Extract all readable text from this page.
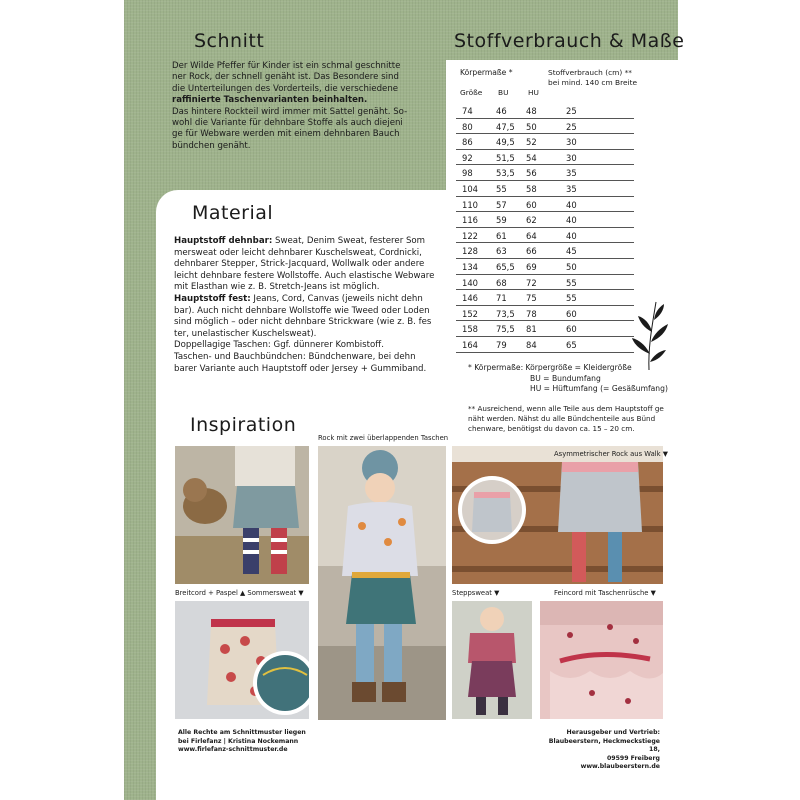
Schnitt	Stoffverbrauch & Maße
Material
Inspiration

Der Wilde Pfeffer für Kinder ist ein schmal geschnitte

ner Rock, der schnell genäht ist. Das Besondere sind

die Unterteilungen des Vorderteils, die verschiedene

raffinierte Taschenvarianten beinhalten.

Das hintere Rockteil wird immer mit Sattel genäht. So-

wohl die Variante für dehnbare Stoffe als auch diejeni

ge für Webware werden mit einem dehnbaren Bauch

bündchen genäht.

Körpermaße *	Stoffverbrauch (cm) ** bei mind. 140 cm Breite
Größe BU	HU
74	46 48	25
80	47,5 50	25
86	49,5 52	30
92	51,5 54	30
98	53,5 56	35
104 55 58	35
110 57 60	40
116 59 62	40
122 61 64	40
128 63 66	45
134 65,5 69	50
140 68 72	55
146 71 75	55
152 73,5 78	60
158 75,5 81	60
164 79 84	65
* Körpermaße: Körpergröße = Kleidergröße
BU = Bundumfang
HU = Hüftumfang (= Gesäßumfang)
** Ausreichend, wenn alle Teile aus dem Hauptstoff ge
näht werden. Nähst du alle Bündchenteile aus Bünd
chenware, benötigst du davon ca. 15 – 20 cm.

Hauptstoff dehnbar: Sweat, Denim Sweat, festerer Som

mersweat oder leicht dehnbarer Kuschelsweat, Cordnicki,

dehnbarer Stepper, Strick-Jacquard, Wollwalk oder andere

leicht dehnbare festere Wollstoffe. Auch elastische Webware

mit Elasthan wie z. B. Stretch-Jeans ist möglich.

Hauptstoff fest: Jeans, Cord, Canvas (jeweils nicht dehn

bar). Auch nicht dehnbare Wollstoffe wie Tweed oder Loden

sind möglich – oder nicht dehnbare Strickware (wie z. B. fes

ter, unelastischer Kuschelsweat).

Doppellagige Taschen: Ggf. dünnerer Kombistoff.

Taschen- und Bauchbündchen: Bündchenware, bei dehn

barer Variante auch Hauptstoff oder Jersey + Gummiband.

Rock mit zwei überlappenden Taschen
Asymmetrischer Rock aus Walk ▼
Breitcord + Paspel ▲ Sommersweat ▼	Steppsweat ▼	Feincord mit Taschenrüsche ▼
Alle Rechte am Schnittmuster liegen
bei Firlefanz | Kristina Nockemann
www.firlefanz-schnittmuster.de
Herausgeber und Vertrieb:
Blaubeerstern, Heckmeckstiege 18,
09599 Freiberg
www.blaubeerstern.de
